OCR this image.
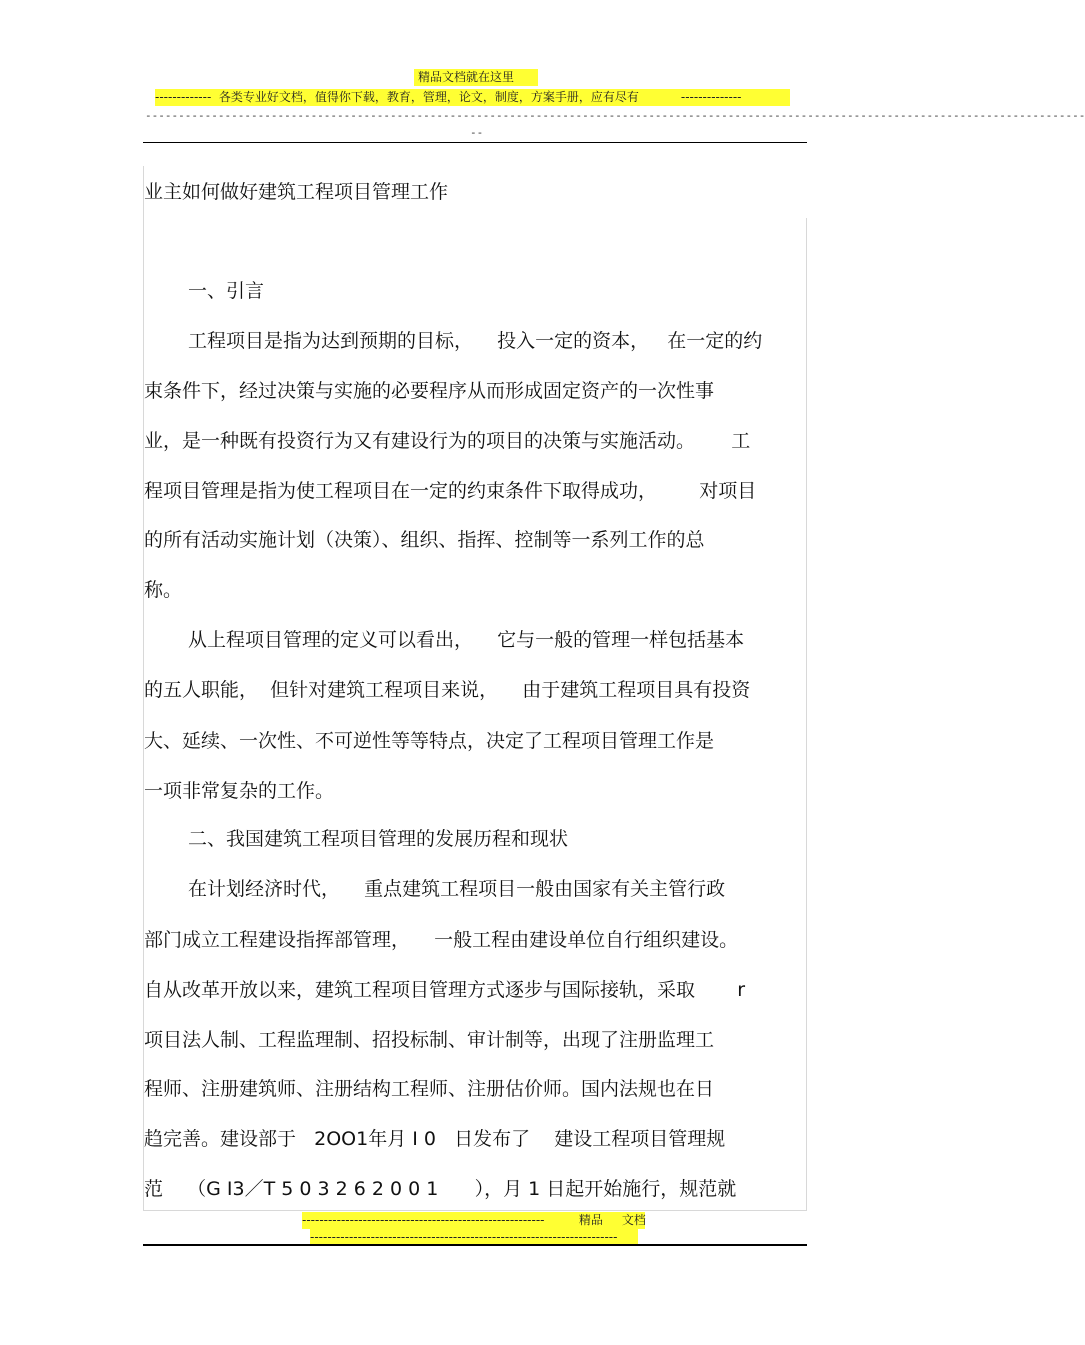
精品文档就在这里
-------------  各类专业好文档，值得你下载，教育，管理，论文，制度，方案手册，应有尽有           --------------
----------------------------------------------------------------------------------------------------------------------------------------------
--
业主如何做好建筑工程项目管理工作
一、引言
工程项目是指为达到预期的目标，    投入一定的资本，   在一定的约
束条件下，经过决策与实施的必要程序从而形成固定资产的一次性事
业，是一种既有投资行为又有建设行为的项目的决策与实施活动。      工
程项目管理是指为使工程项目在一定的约束条件下取得成功，       对项目
的所有活动实施计划（决策）、组织、指挥、控制等一系列工作的总
称。
从上程项目管理的定义可以看出，    它与一般的管理一样包括基本
的五人职能，  但针对建筑工程项目来说，    由于建筑工程项目具有投资
大、延续、一次性、不可逆性等等特点，决定了工程项目管理工作是
一项非常复杂的工作。
二、我国建筑工程项目管理的发展历程和现状
在计划经济时代，    重点建筑工程项目一般由国家有关主管行政
部门成立工程建设指挥部管理，    一般工程由建设单位自行组织建设。
自从改革开放以来，建筑工程项目管理方式逐步与国际接轨，采取       r
项目法人制、工程监理制、招投标制、审计制等，出现了注册监理工
程师、注册建筑师、注册结构工程师、注册估价师。国内法规也在日
趋完善。建设部于   2OO1年月 I 0   日发布了    建设工程项目管理规
范    （G I3／T 5 0 3 2 6 2 0 0 1      ），月 1 日起开始施行，规范就
--------------------------------------------------------         精品     文档
-----------------------------------------------------------------------
